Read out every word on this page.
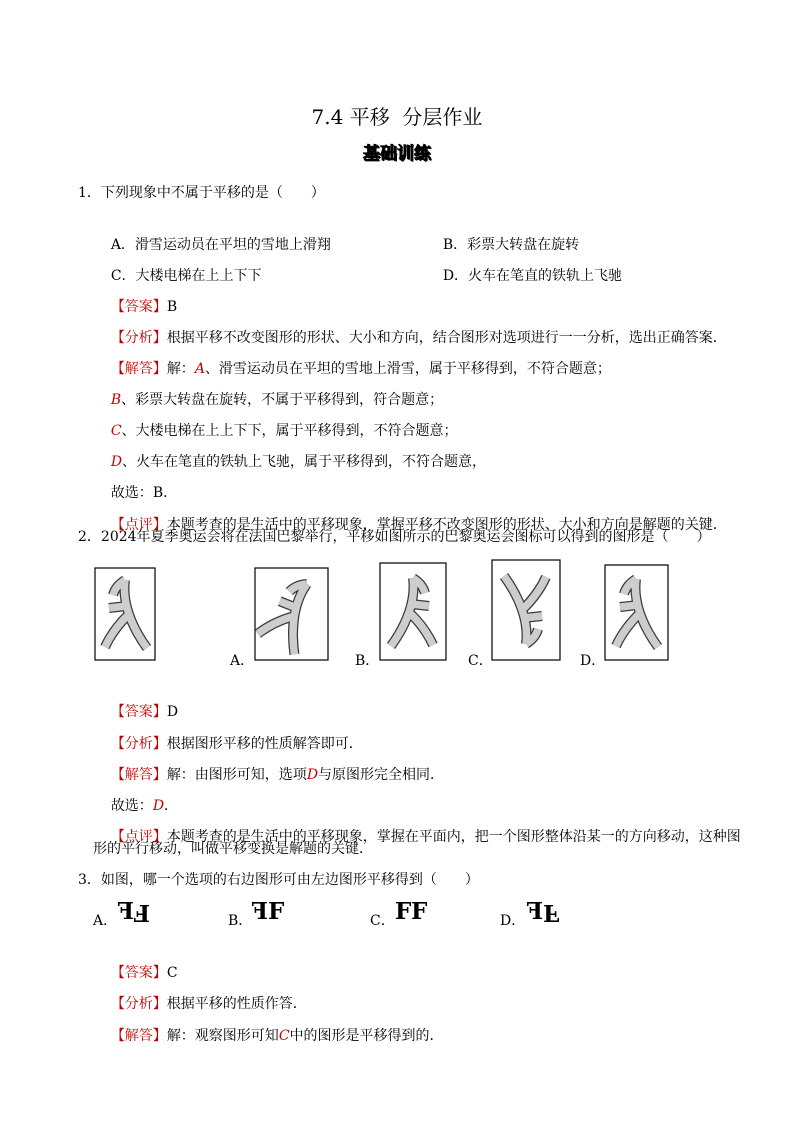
7.4 平移  分层作业
基础训练
1．下列现象中不属于平移的是（　　）

A．滑雪运动员在平坦的雪地上滑翔
	B．彩票大转盘在旋转

C．大楼电梯在上上下下
	D．火车在笔直的铁轨上飞驰

【答案】B

【分析】根据平移不改变图形的形状、大小和方向，结合图形对选项进行一一分析，选出正确答案．

【解答】解：A、滑雪运动员在平坦的雪地上滑雪，属于平移得到，不符合题意；

B、彩票大转盘在旋转，不属于平移得到，符合题意；

C、大楼电梯在上上下下，属于平移得到，不符合题意；

D、火车在笔直的铁轨上飞驰，属于平移得到，不符合题意，

故选：B．

【点评】本题考查的是生活中的平移现象，掌握平移不改变图形的形状、大小和方向是解题的关键．

2．2024年夏季奥运会将在法国巴黎举行，平移如图所示的巴黎奥运会图标可以得到的图形是（　　）
A．	B．	C．	D．

【答案】D

【分析】根据图形平移的性质解答即可．

【解答】解：由图形可知，选项D与原图形完全相同．

故选：D．

【点评】本题考查的是生活中的平移现象，掌握在平面内，把一个图形整体沿某一的方向移动，这种图

形的平行移动，叫做平移变换是解题的关键．
3．如图，哪一个选项的右边图形可由左边图形平移得到（　　）
A． FF	B． FF	C． FF	D． FF

【答案】C

【分析】根据平移的性质作答．

【解答】解：观察图形可知C中的图形是平移得到的．
